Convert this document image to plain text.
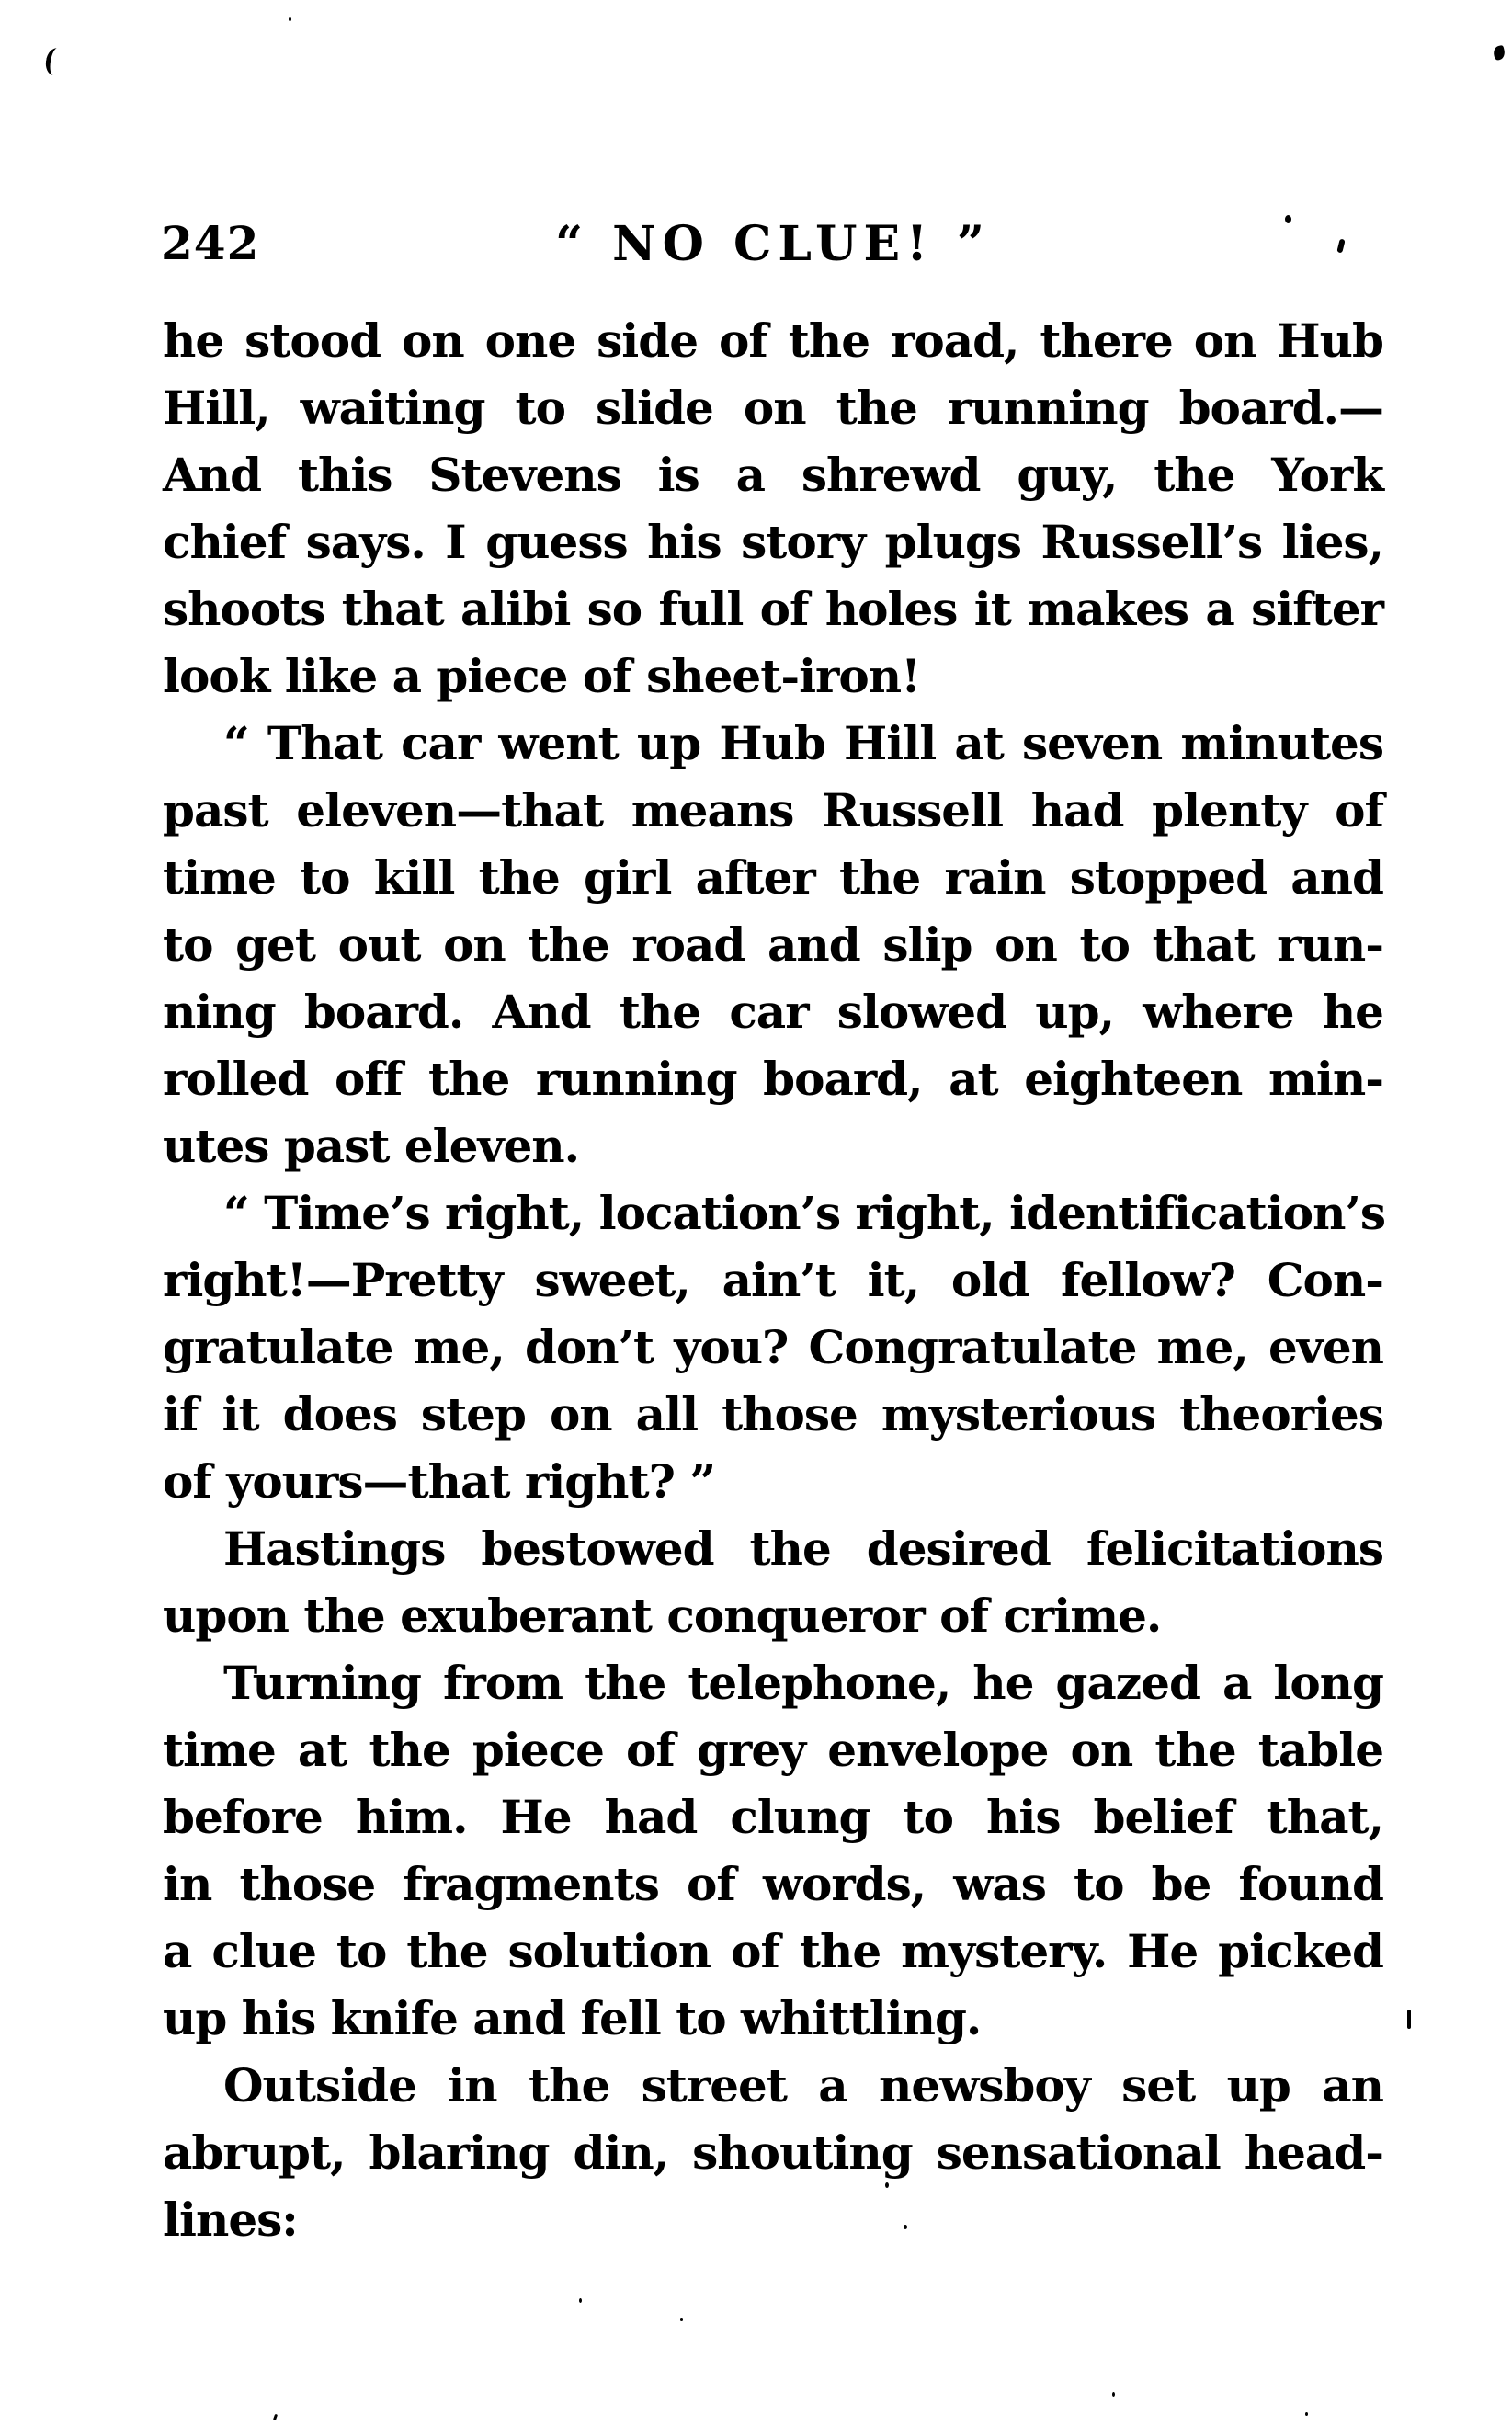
242	“ NO CLUE! ”

he stood on one side of the road, there on Hub
Hill, waiting to slide on the running board.—
And this Stevens is a shrewd guy, the York
chief says. I guess his story plugs Russell’s lies,
shoots that alibi so full of holes it makes a sifter
look like a piece of sheet-iron!

“ That car went up Hub Hill at seven minutes
past eleven—that means Russell had plenty of
time to kill the girl after the rain stopped and
to get out on the road and slip on to that run-
ning board. And the car slowed up, where he
rolled off the running board, at eighteen min-
utes past eleven.

“ Time’s right, location’s right, identification’s
right!—Pretty sweet, ain’t it, old fellow? Con-
gratulate me, don’t you? Congratulate me, even
if it does step on all those mysterious theories
of yours—that right? ”

Hastings bestowed the desired felicitations
upon the exuberant conqueror of crime.

Turning from the telephone, he gazed a long
time at the piece of grey envelope on the table
before him. He had clung to his belief that,
in those fragments of words, was to be found
a clue to the solution of the mystery. He picked
up his knife and fell to whittling.

Outside in the street a newsboy set up an
abrupt, blaring din, shouting sensational head-
lines:
